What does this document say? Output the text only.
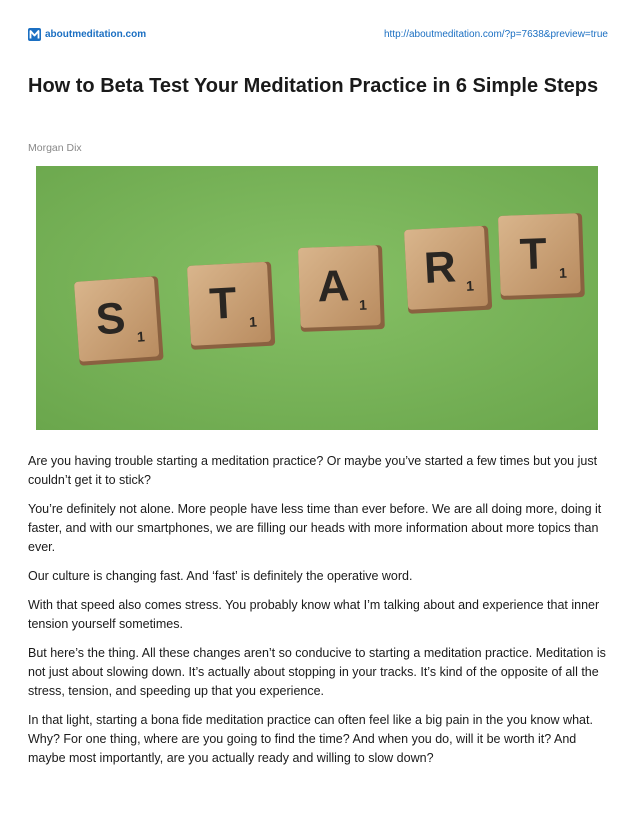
aboutmeditation.com	http://aboutmeditation.com/?p=7638&preview=true
How to Beta Test Your Meditation Practice in 6 Simple Steps
Morgan Dix
S 1
T 1
A 1
R 1
T 1

Are you having trouble starting a meditation practice? Or maybe you’ve started a few times but you just couldn’t get it to stick?

You’re definitely not alone. More people have less time than ever before. We are all doing more, doing it faster, and with our smartphones, we are filling our heads with more information about more topics than ever.

Our culture is changing fast. And ‘fast’ is definitely the operative word.

With that speed also comes stress. You probably know what I’m talking about and experience that inner tension yourself sometimes.

But here’s the thing. All these changes aren’t so conducive to starting a meditation practice. Meditation is not just about slowing down. It’s actually about stopping in your tracks. It’s kind of the opposite of all the stress, tension, and speeding up that you experience.

In that light, starting a bona fide meditation practice can often feel like a big pain in the you know what. Why? For one thing, where are you going to find the time? And when you do, will it be worth it? And maybe most importantly, are you actually ready and willing to slow down?
